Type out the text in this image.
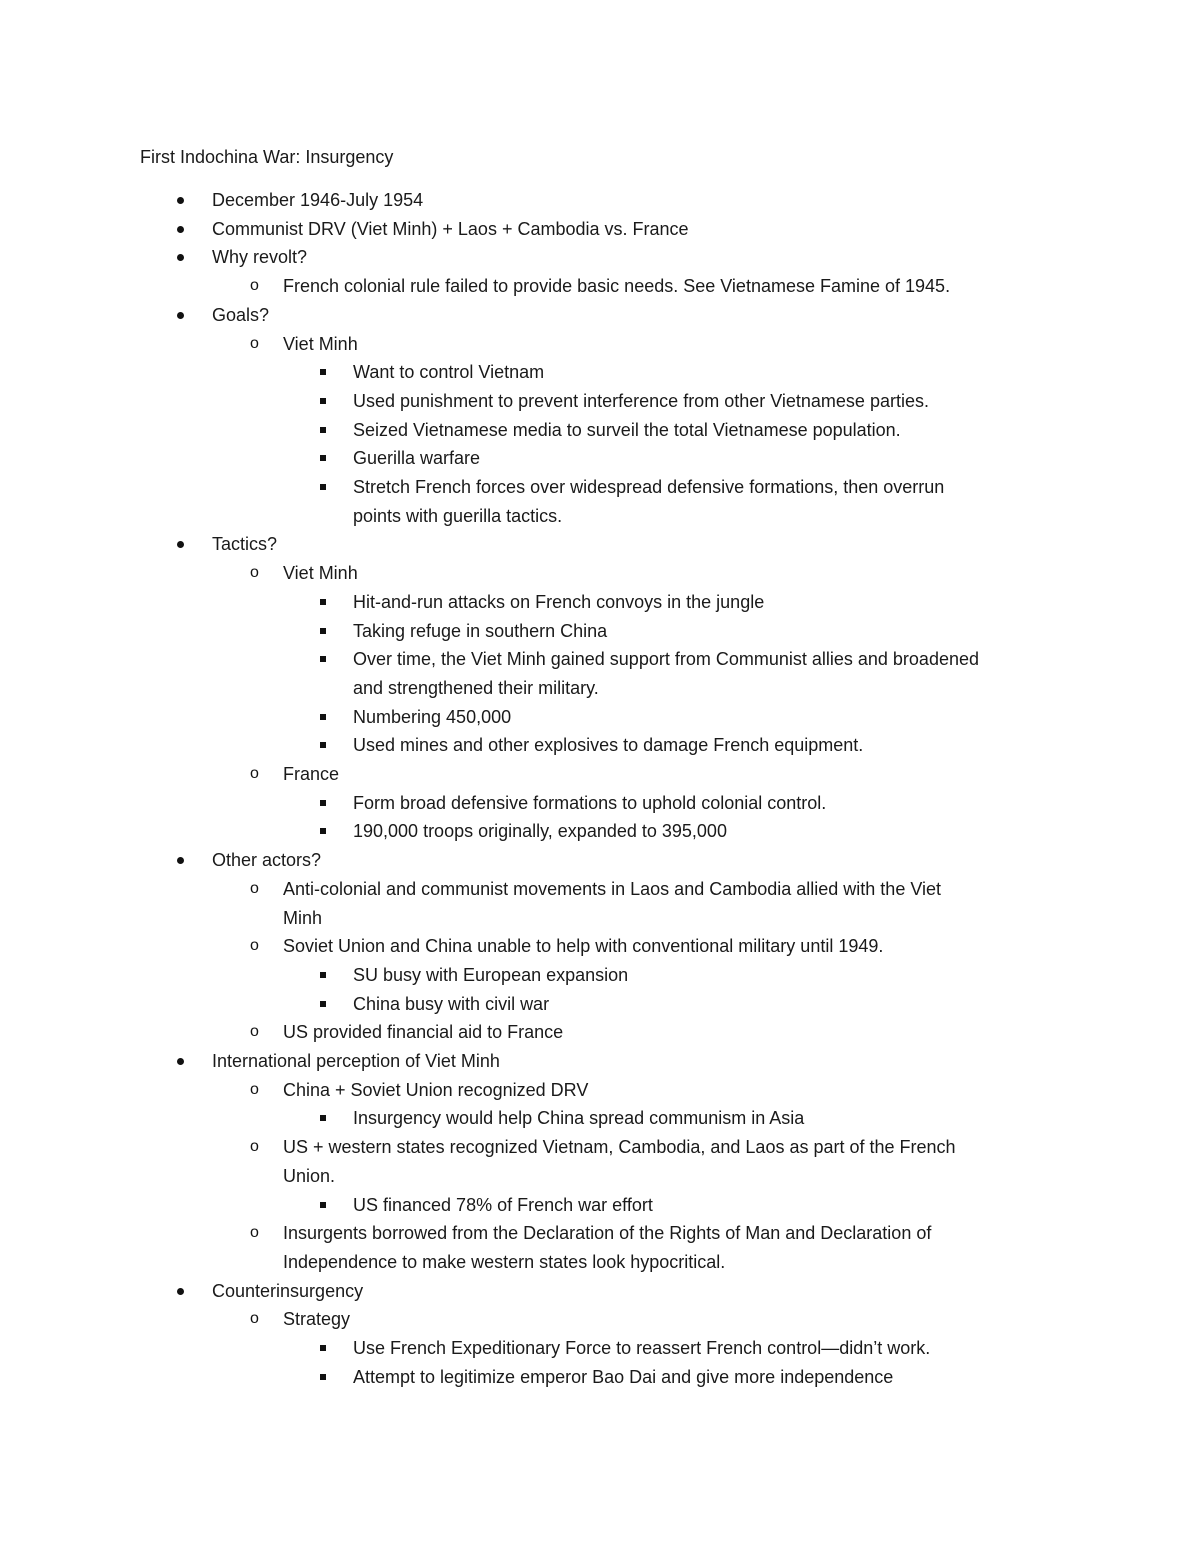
First Indochina War: Insurgency
December 1946-July 1954
Communist DRV (Viet Minh) + Laos + Cambodia vs. France
Why revolt?
o French colonial rule failed to provide basic needs. See Vietnamese Famine of 1945.
Goals?
o Viet Minh
Want to control Vietnam
Used punishment to prevent interference from other Vietnamese parties.
Seized Vietnamese media to surveil the total Vietnamese population.
Guerilla warfare
Stretch French forces over widespread defensive formations, then overrun
points with guerilla tactics.
Tactics?
o Viet Minh
Hit-and-run attacks on French convoys in the jungle
Taking refuge in southern China
Over time, the Viet Minh gained support from Communist allies and broadened
and strengthened their military.
Numbering 450,000
Used mines and other explosives to damage French equipment.
o France
Form broad defensive formations to uphold colonial control.
190,000 troops originally, expanded to 395,000
Other actors?
o Anti-colonial and communist movements in Laos and Cambodia allied with the Viet
Minh
o Soviet Union and China unable to help with conventional military until 1949.
SU busy with European expansion
China busy with civil war
o US provided financial aid to France
International perception of Viet Minh
o China + Soviet Union recognized DRV
Insurgency would help China spread communism in Asia
o US + western states recognized Vietnam, Cambodia, and Laos as part of the French
Union.
US financed 78% of French war effort
o Insurgents borrowed from the Declaration of the Rights of Man and Declaration of
Independence to make western states look hypocritical.
Counterinsurgency
o Strategy
Use French Expeditionary Force to reassert French control—didn’t work.
Attempt to legitimize emperor Bao Dai and give more independence
